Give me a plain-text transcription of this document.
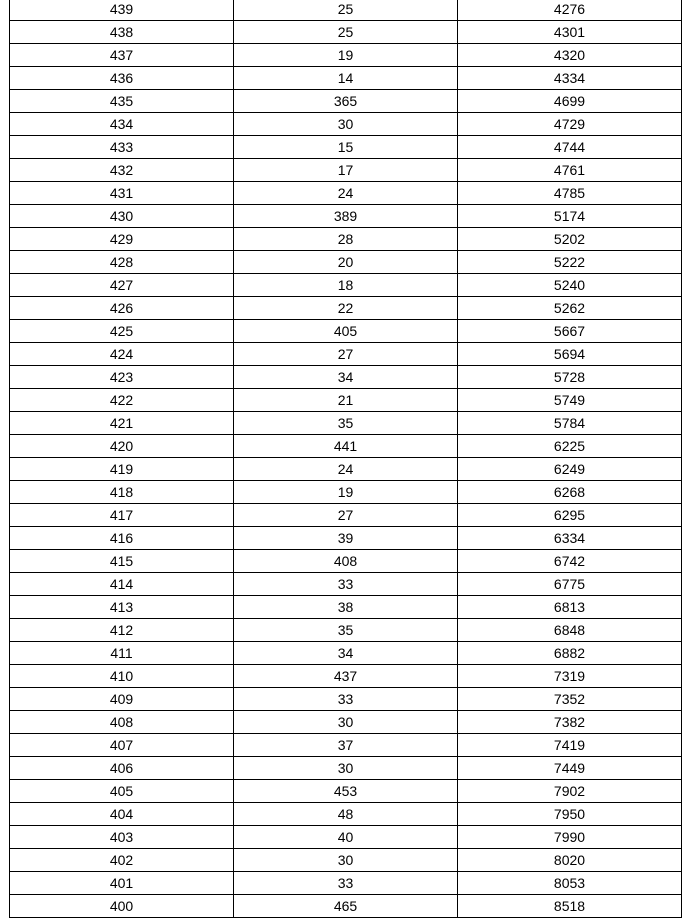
439	25	4276
438	25	4301
437	19	4320
436	14	4334
435	365	4699
434	30	4729
433	15	4744
432	17	4761
431	24	4785
430	389	5174
429	28	5202
428	20	5222
427	18	5240
426	22	5262
425	405	5667
424	27	5694
423	34	5728
422	21	5749
421	35	5784
420	441	6225
419	24	6249
418	19	6268
417	27	6295
416	39	6334
415	408	6742
414	33	6775
413	38	6813
412	35	6848
411	34	6882
410	437	7319
409	33	7352
408	30	7382
407	37	7419
406	30	7449
405	453	7902
404	48	7950
403	40	7990
402	30	8020
401	33	8053
400	465	8518
